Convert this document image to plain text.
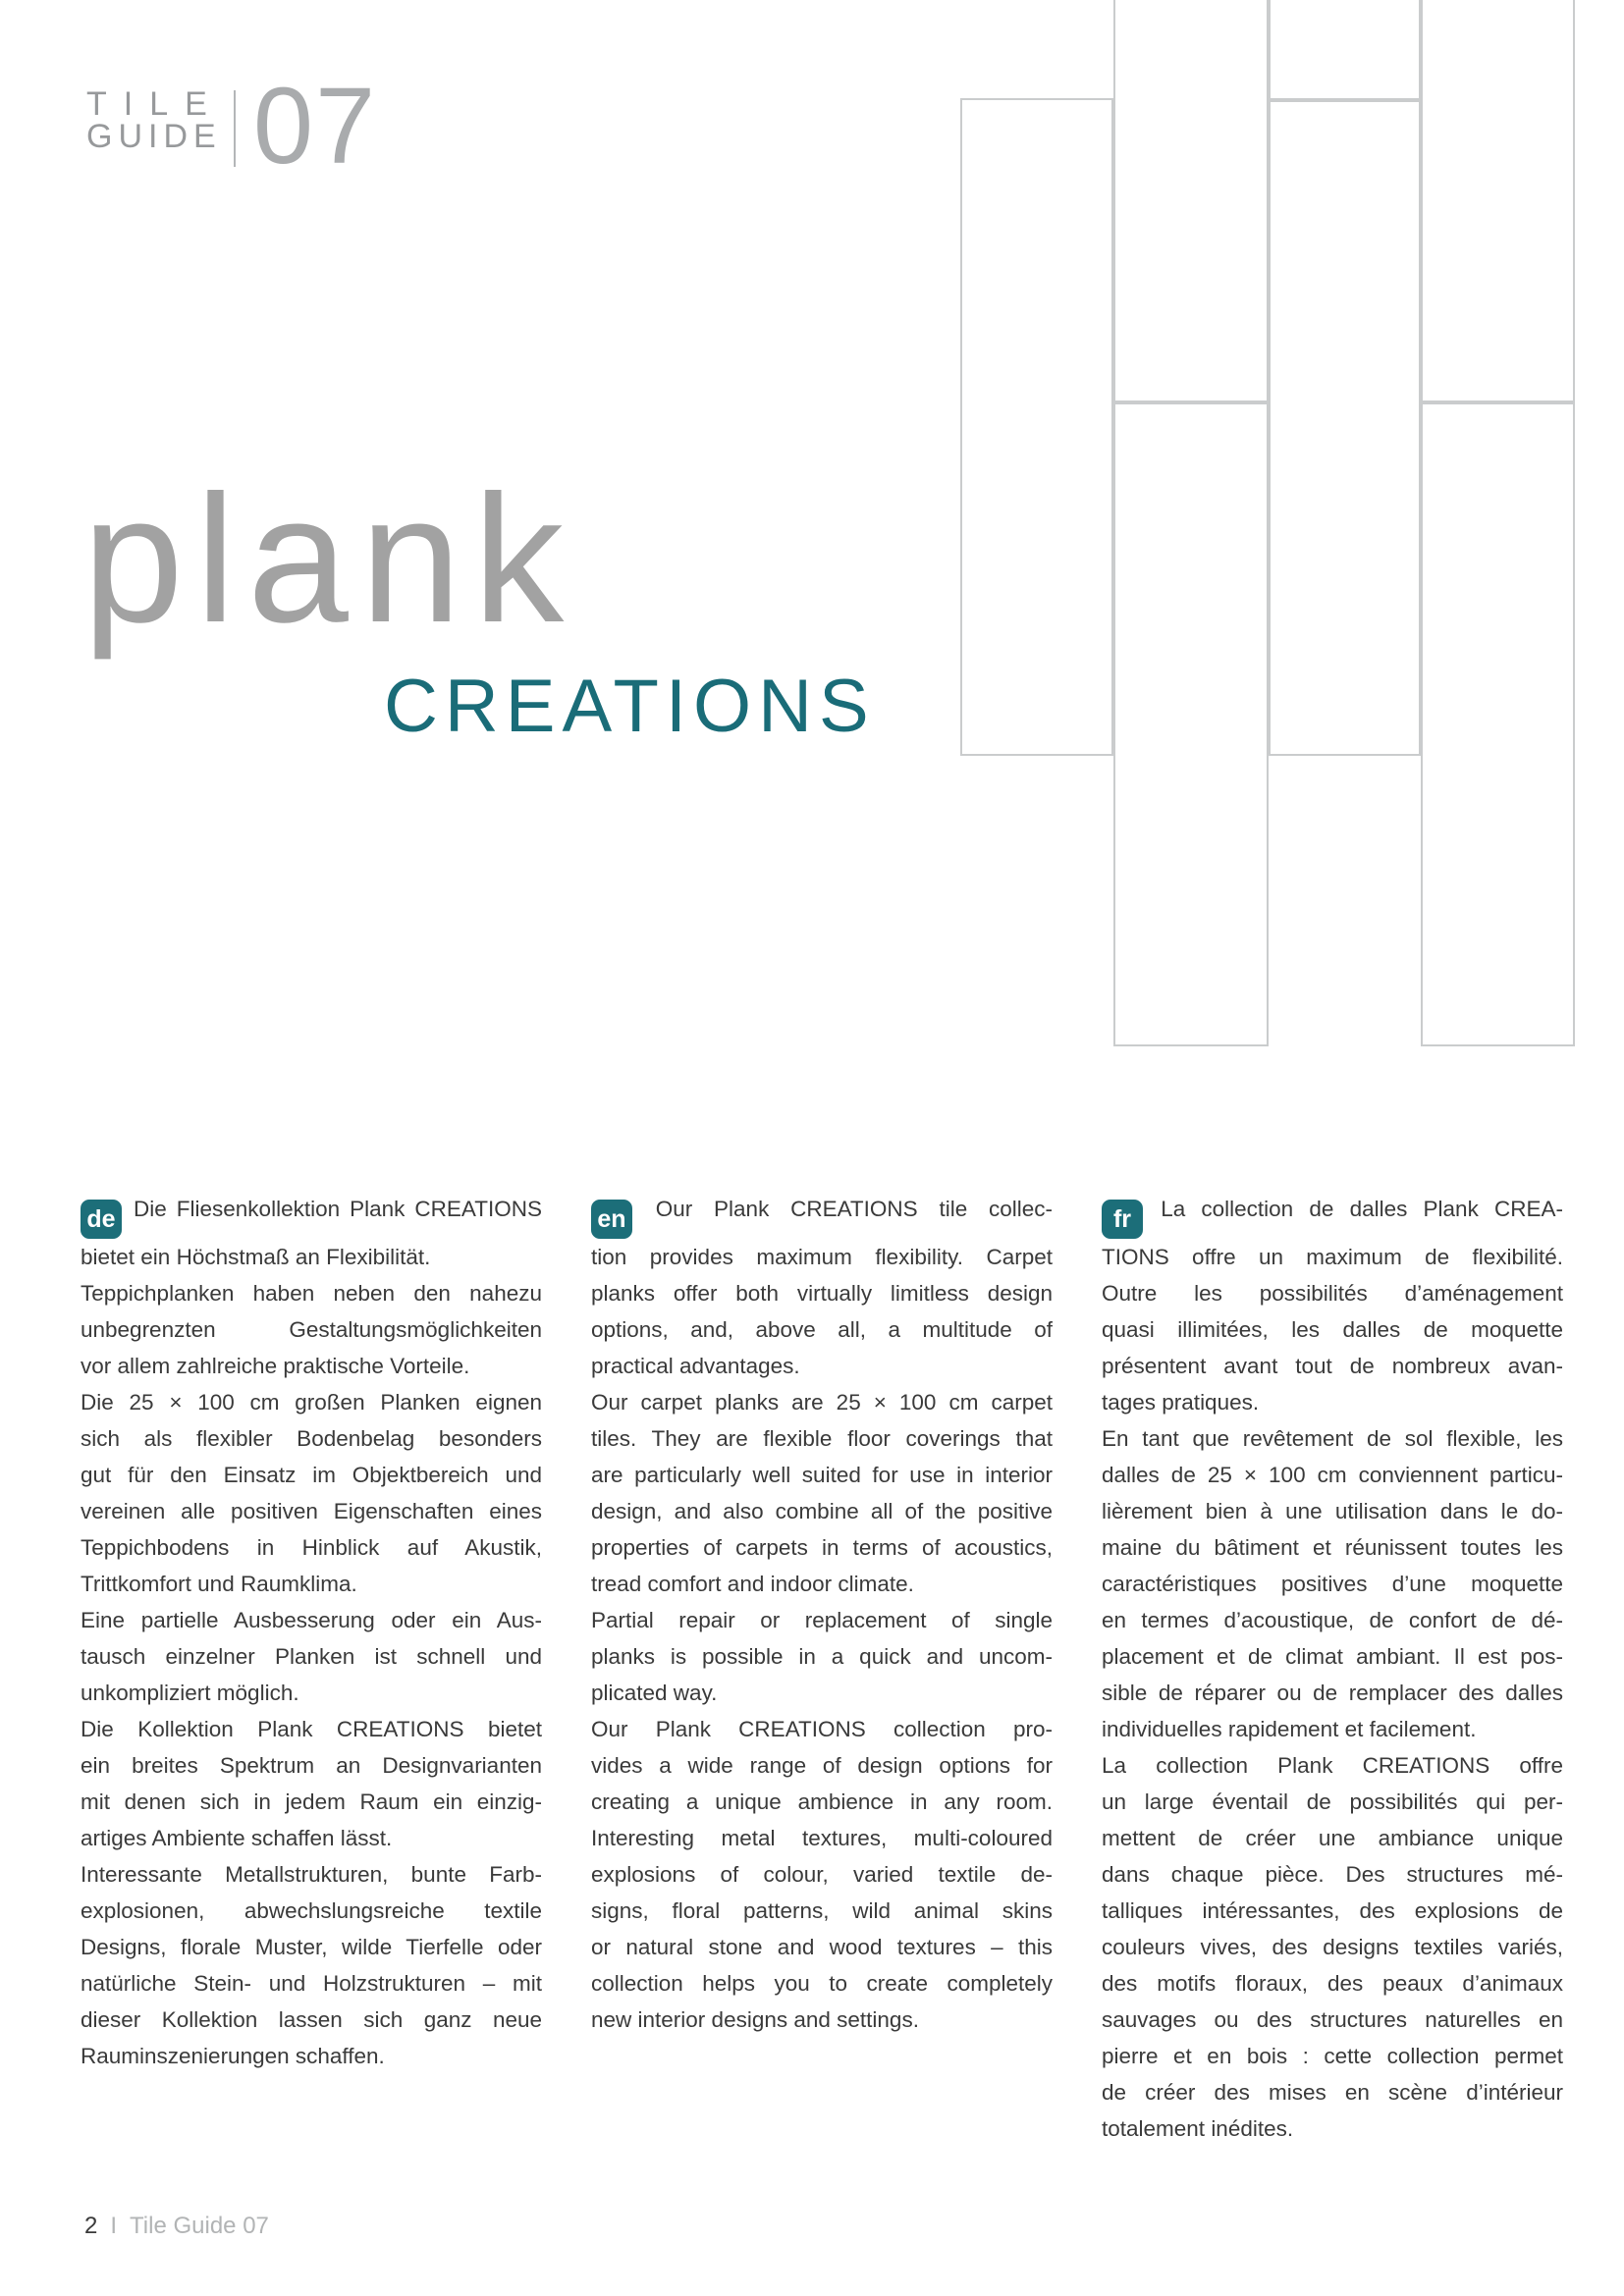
TILE
GUIDE 07
plank
CREATIONS
de Die Fliesenkollektion Plank CREATIONS
bietet ein Höchstmaß an Flexibilität.
Teppichplanken haben neben den nahezu
unbegrenzten Gestaltungsmöglichkeiten
vor allem zahlreiche praktische Vorteile.
Die 25 × 100 cm großen Planken eignen
sich als flexibler Bodenbelag besonders
gut für den Einsatz im Objektbereich und
vereinen alle positiven Eigenschaften eines
Teppichbodens in Hinblick auf Akustik,
Trittkomfort und Raumklima.
Eine partielle Ausbesserung oder ein Aus-
tausch einzelner Planken ist schnell und
unkompliziert möglich.
Die Kollektion Plank CREATIONS bietet
ein breites Spektrum an Designvarianten
mit denen sich in jedem Raum ein einzig-
artiges Ambiente schaffen lässt.
Interessante Metallstrukturen, bunte Farb-
explosionen, abwechslungsreiche textile
Designs, florale Muster, wilde Tierfelle oder
natürliche Stein- und Holzstrukturen – mit
dieser Kollektion lassen sich ganz neue
Rauminszenierungen schaffen.
en Our Plank CREATIONS tile collec-
tion provides maximum flexibility. Carpet
planks offer both virtually limitless design
options, and, above all, a multitude of
practical advantages.
Our carpet planks are 25 × 100 cm carpet
tiles. They are flexible floor coverings that
are particularly well suited for use in interior
design, and also combine all of the positive
properties of carpets in terms of acoustics,
tread comfort and indoor climate.
Partial repair or replacement of single
planks is possible in a quick and uncom-
plicated way.
Our Plank CREATIONS collection pro-
vides a wide range of design options for
creating a unique ambience in any room.
Interesting metal textures, multi-coloured
explosions of colour, varied textile de-
signs, floral patterns, wild animal skins
or natural stone and wood textures – this
collection helps you to create completely
new interior designs and settings.
fr La collection de dalles Plank CREA-
TIONS offre un maximum de flexibilité.
Outre les possibilités d’aménagement
quasi illimitées, les dalles de moquette
présentent avant tout de nombreux avan-
tages pratiques.
En tant que revêtement de sol flexible, les
dalles de 25 × 100 cm conviennent particu-
lièrement bien à une utilisation dans le do-
maine du bâtiment et réunissent toutes les
caractéristiques positives d’une moquette
en termes d’acoustique, de confort de dé-
placement et de climat ambiant. Il est pos-
sible de réparer ou de remplacer des dalles
individuelles rapidement et facilement.
La collection Plank CREATIONS offre
un large éventail de possibilités qui per-
mettent de créer une ambiance unique
dans chaque pièce. Des structures mé-
talliques intéressantes, des explosions de
couleurs vives, des designs textiles variés,
des motifs floraux, des peaux d’animaux
sauvages ou des structures naturelles en
pierre et en bois : cette collection permet
de créer des mises en scène d’intérieur
totalement inédites.
2 I Tile Guide 07
